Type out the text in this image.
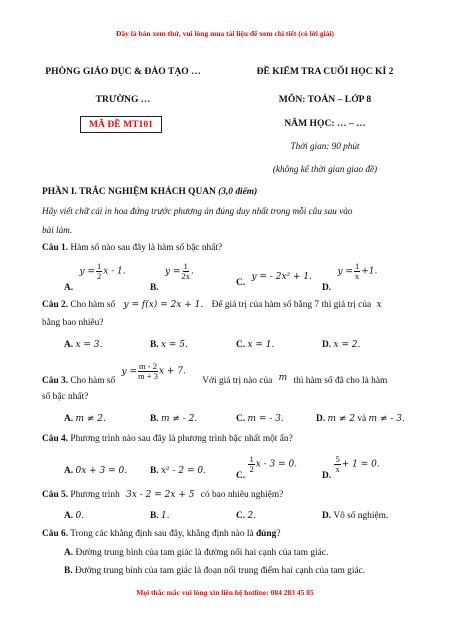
Đây là bản xem thử, vui lòng mua tài liệu để xem chi tiết (có lời giải)
PHÒNG GIÁO DỤC & ĐÀO TẠO …
TRƯỜNG …
MÃ ĐỀ MT101
ĐỀ KIỂM TRA CUỐI HỌC KÌ 2
MÔN: TOÁN – LỚP 8
NĂM HỌC: … – …
Thời gian: 90 phút
(không kể thời gian giao đề)
PHẦN I. TRẮC NGHIỆM KHÁCH QUAN (3,0 điểm)
Hãy viết chữ cái in hoa đứng trước phương án đúng duy nhất trong mỗi câu sau vào
bài làm.
Câu 1. Hàm số nào sau đây là hàm số bậc nhất?
A. $y = \frac{1}{2}$ x - 1.
B. $y = \frac{1}{2x}$ .
C. y = - 2x² + 1.
D. $y = \frac{1}{x} +1$.
Câu 2. Cho hàm số y = f(x) = 2x + 1. Để giá trị của hàm số bằng 7 thì giá trị của x
bằng bao nhiêu?
A. x = 3.	B. x = 5.	C. x = 1.	D. x = 2.
Câu 3. Cho hàm số $y = \frac{m - 2}{m + 3}$ x + 7. Với giá trị nào của m thì hàm số đã cho là hàm
số bậc nhất?
A. m ≠ 2.	B. m ≠ - 2.	C. m = - 3.	D. m ≠ 2 và m ≠ - 3.
Câu 4. Phương trình nào sau đây là phương trình bậc nhất một ẩn?
A. 0x + 3 = 0. B. x² - 2 = 0.	C.
$\frac{1}{2}$ x - 3 = 0.
D.
$\frac{5}{x} + 1 = 0$.
Câu 5. Phương trình 3x - 2 = 2x + 5 có bao nhiêu nghiệm?
A. 0.	B. 1.	C. 2.	D. Vô số nghiệm.
Câu 6. Trong các khẳng định sau đây, khẳng định nào là đúng?
A. Đường trung bình của tam giác là đường nối hai cạnh của tam giác.
B. Đường trung bình của tam giác là đoạn nối trung điểm hai cạnh của tam giác.
Mọi thắc mắc vui lòng xin liên hệ hotline: 084 283 45 85
